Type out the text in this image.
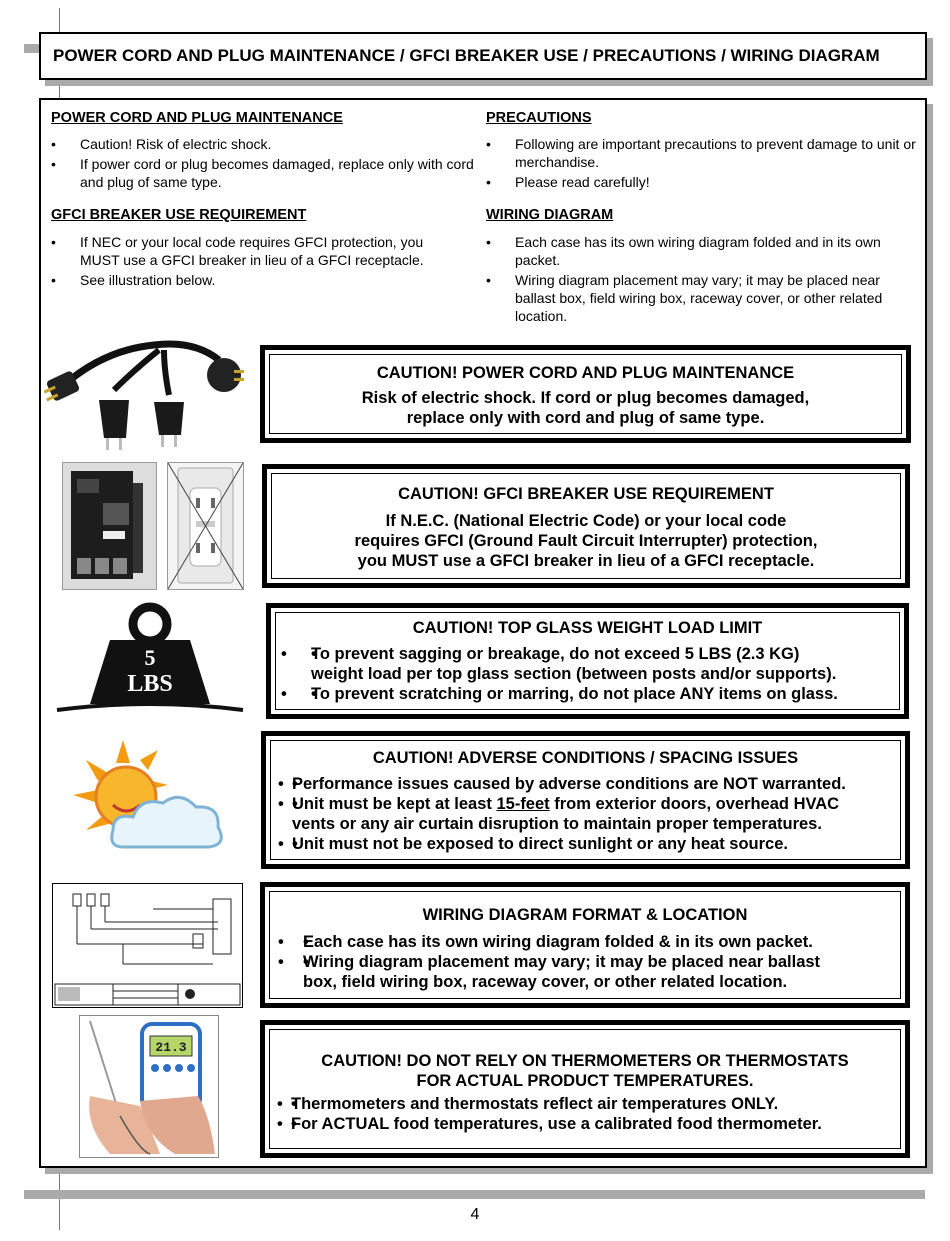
POWER CORD AND PLUG MAINTENANCE / GFCI BREAKER USE / PRECAUTIONS / WIRING DIAGRAM
POWER CORD AND PLUG MAINTENANCE
• Caution! Risk of electric shock.
• If power cord or plug becomes damaged, replace only with cord and plug of same type.
GFCI BREAKER USE REQUIREMENT
• If NEC or your local code requires GFCI protection, you MUST use a GFCI breaker in lieu of a GFCI receptacle.
• See illustration below.
PRECAUTIONS
• Following are important precautions to prevent damage to unit or merchandise.
• Please read carefully!
WIRING DIAGRAM
• Each case has its own wiring diagram folded and in its own packet.
• Wiring diagram placement may vary; it may be placed near ballast box, field wiring box, raceway cover, or other related location.
CAUTION! POWER CORD AND PLUG MAINTENANCE
Risk of electric shock. If cord or plug becomes damaged,
replace only with cord and plug of same type.
CAUTION! GFCI BREAKER USE REQUIREMENT
If N.E.C. (National Electric Code) or your local code
requires GFCI (Ground Fault Circuit Interrupter) protection,
you MUST use a GFCI breaker in lieu of a GFCI receptacle.
5
LBS
CAUTION! TOP GLASS WEIGHT LOAD LIMIT
• • To prevent sagging or breakage, do not exceed 5 LBS (2.3 KG)
weight load per top glass section (between posts and/or supports).
• • To prevent scratching or marring, do not place ANY items on glass.
CAUTION! ADVERSE CONDITIONS / SPACING ISSUES
• • Performance issues caused by adverse conditions are NOT warranted.
• • Unit must be kept at least 15-feet from exterior doors, overhead HVAC
vents or any air curtain disruption to maintain proper temperatures.
• • Unit must not be exposed to direct sunlight or any heat source.
WIRING DIAGRAM FORMAT & LOCATION
• • Each case has its own wiring diagram folded & in its own packet.
• • Wiring diagram placement may vary; it may be placed near ballast
box, field wiring box, raceway cover, or other related location.
21.3
CAUTION! DO NOT RELY ON THERMOMETERS OR THERMOSTATS
FOR ACTUAL PRODUCT TEMPERATURES.
• • Thermometers and thermostats reflect air temperatures ONLY.
• • For ACTUAL food temperatures, use a calibrated food thermometer.
4
